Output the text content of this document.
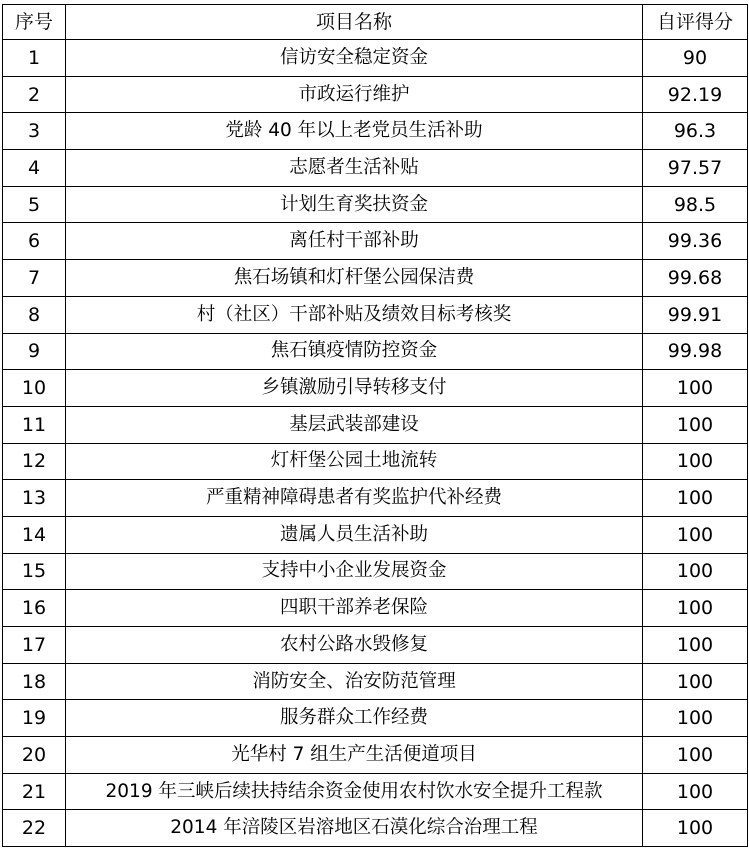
序号	项目名称	自评得分
1	信访安全稳定资金	90
2	市政运行维护	92.19
3	党龄 40 年以上老党员生活补助	96.3
4	志愿者生活补贴	97.57
5	计划生育奖扶资金	98.5
6	离任村干部补助	99.36
7	焦石场镇和灯杆堡公园保洁费	99.68
8	村（社区）干部补贴及绩效目标考核奖	99.91
9	焦石镇疫情防控资金	99.98
10	乡镇激励引导转移支付	100
11	基层武装部建设	100
12	灯杆堡公园土地流转	100
13	严重精神障碍患者有奖监护代补经费	100
14	遗属人员生活补助	100
15	支持中小企业发展资金	100
16	四职干部养老保险	100
17	农村公路水毁修复	100
18	消防安全、治安防范管理	100
19	服务群众工作经费	100
20	光华村 7 组生产生活便道项目	100
21	2019 年三峡后续扶持结余资金使用农村饮水安全提升工程款	100
22	2014 年涪陵区岩溶地区石漠化综合治理工程	100
